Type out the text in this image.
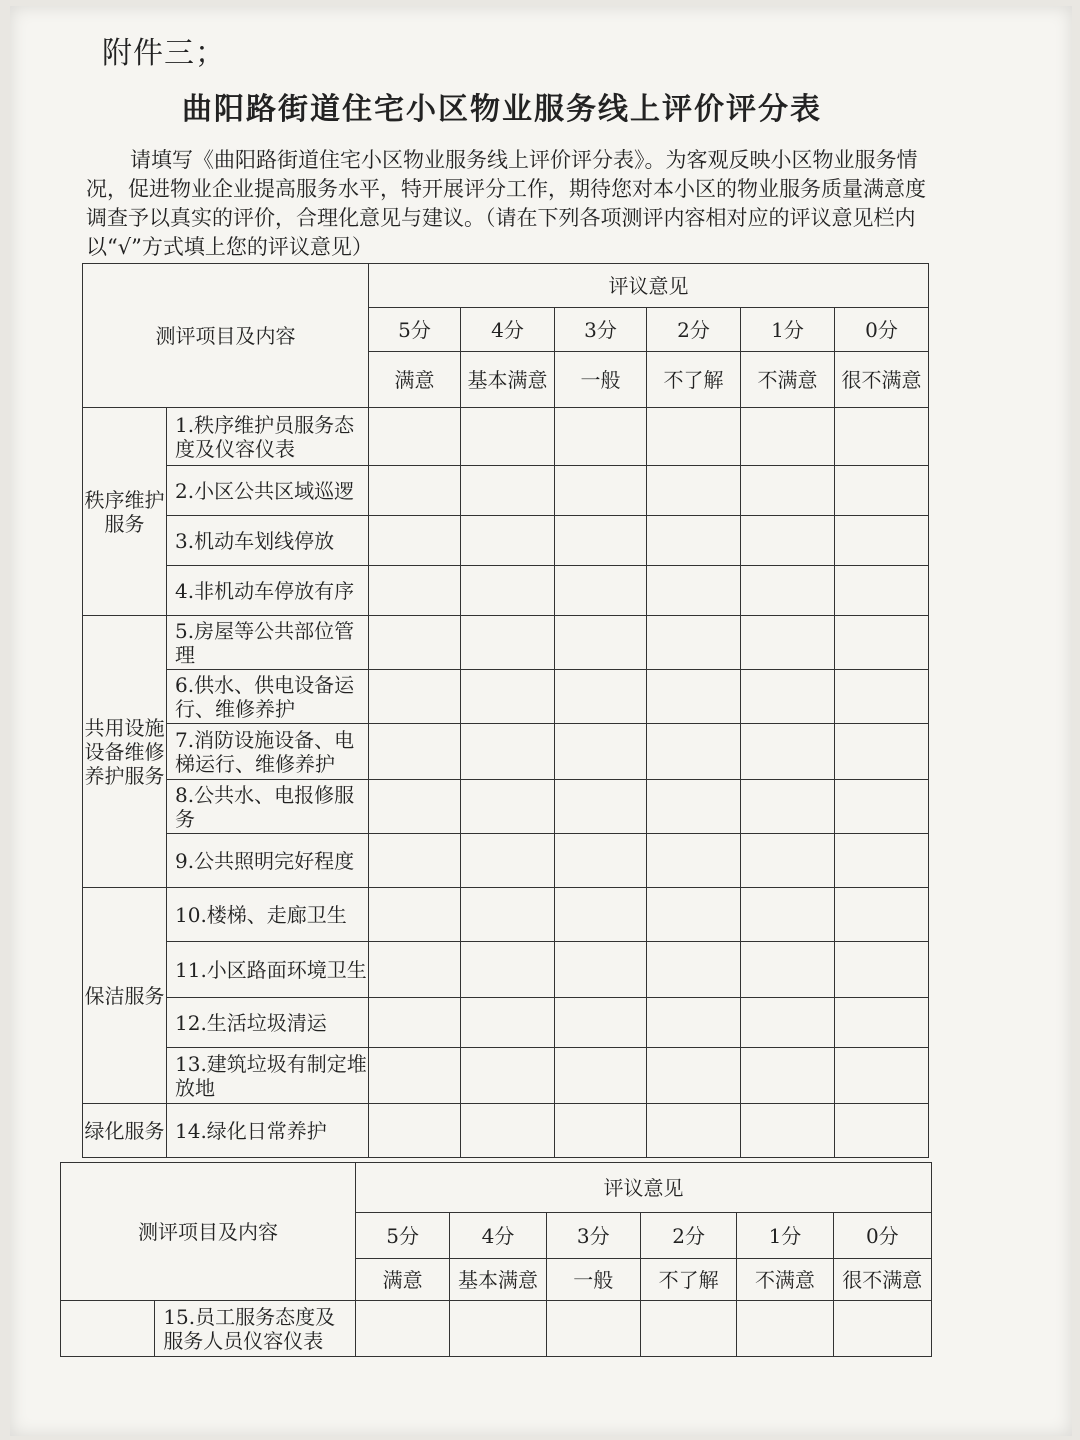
附件三；
曲阳路街道住宅小区物业服务线上评价评分表
请填写《曲阳路街道住宅小区物业服务线上评价评分表》。为客观反映小区物业服务情况，促进物业企业提高服务水平，特开展评分工作，期待您对本小区的物业服务质量满意度调查予以真实的评价，合理化意见与建议。（请在下列各项测评内容相对应的评议意见栏内以“√”方式填上您的评议意见）
测评项目及内容		评议意见					
		5分	4分	3分	2分	1分	0分
		满意	基本满意	一般	不了解	不满意	很不满意
秩序维护服务	1.秩序维护员服务态度及仪容仪表						
	2.小区公共区域巡逻						
	3.机动车划线停放						
	4.非机动车停放有序						
共用设施设备维修养护服务	5.房屋等公共部位管理						
	6.供水、供电设备运行、维修养护						
	7.消防设施设备、电梯运行、维修养护						
	8.公共水、电报修服务						
	9.公共照明完好程度						
保洁服务	10.楼梯、走廊卫生						
	11.小区路面环境卫生						
	12.生活垃圾清运						
	13.建筑垃圾有制定堆放地						
绿化服务	14.绿化日常养护						
测评项目及内容		评议意见					
		5分	4分	3分	2分	1分	0分
		满意	基本满意	一般	不了解	不满意	很不满意
	15.员工服务态度及服务人员仪容仪表						
